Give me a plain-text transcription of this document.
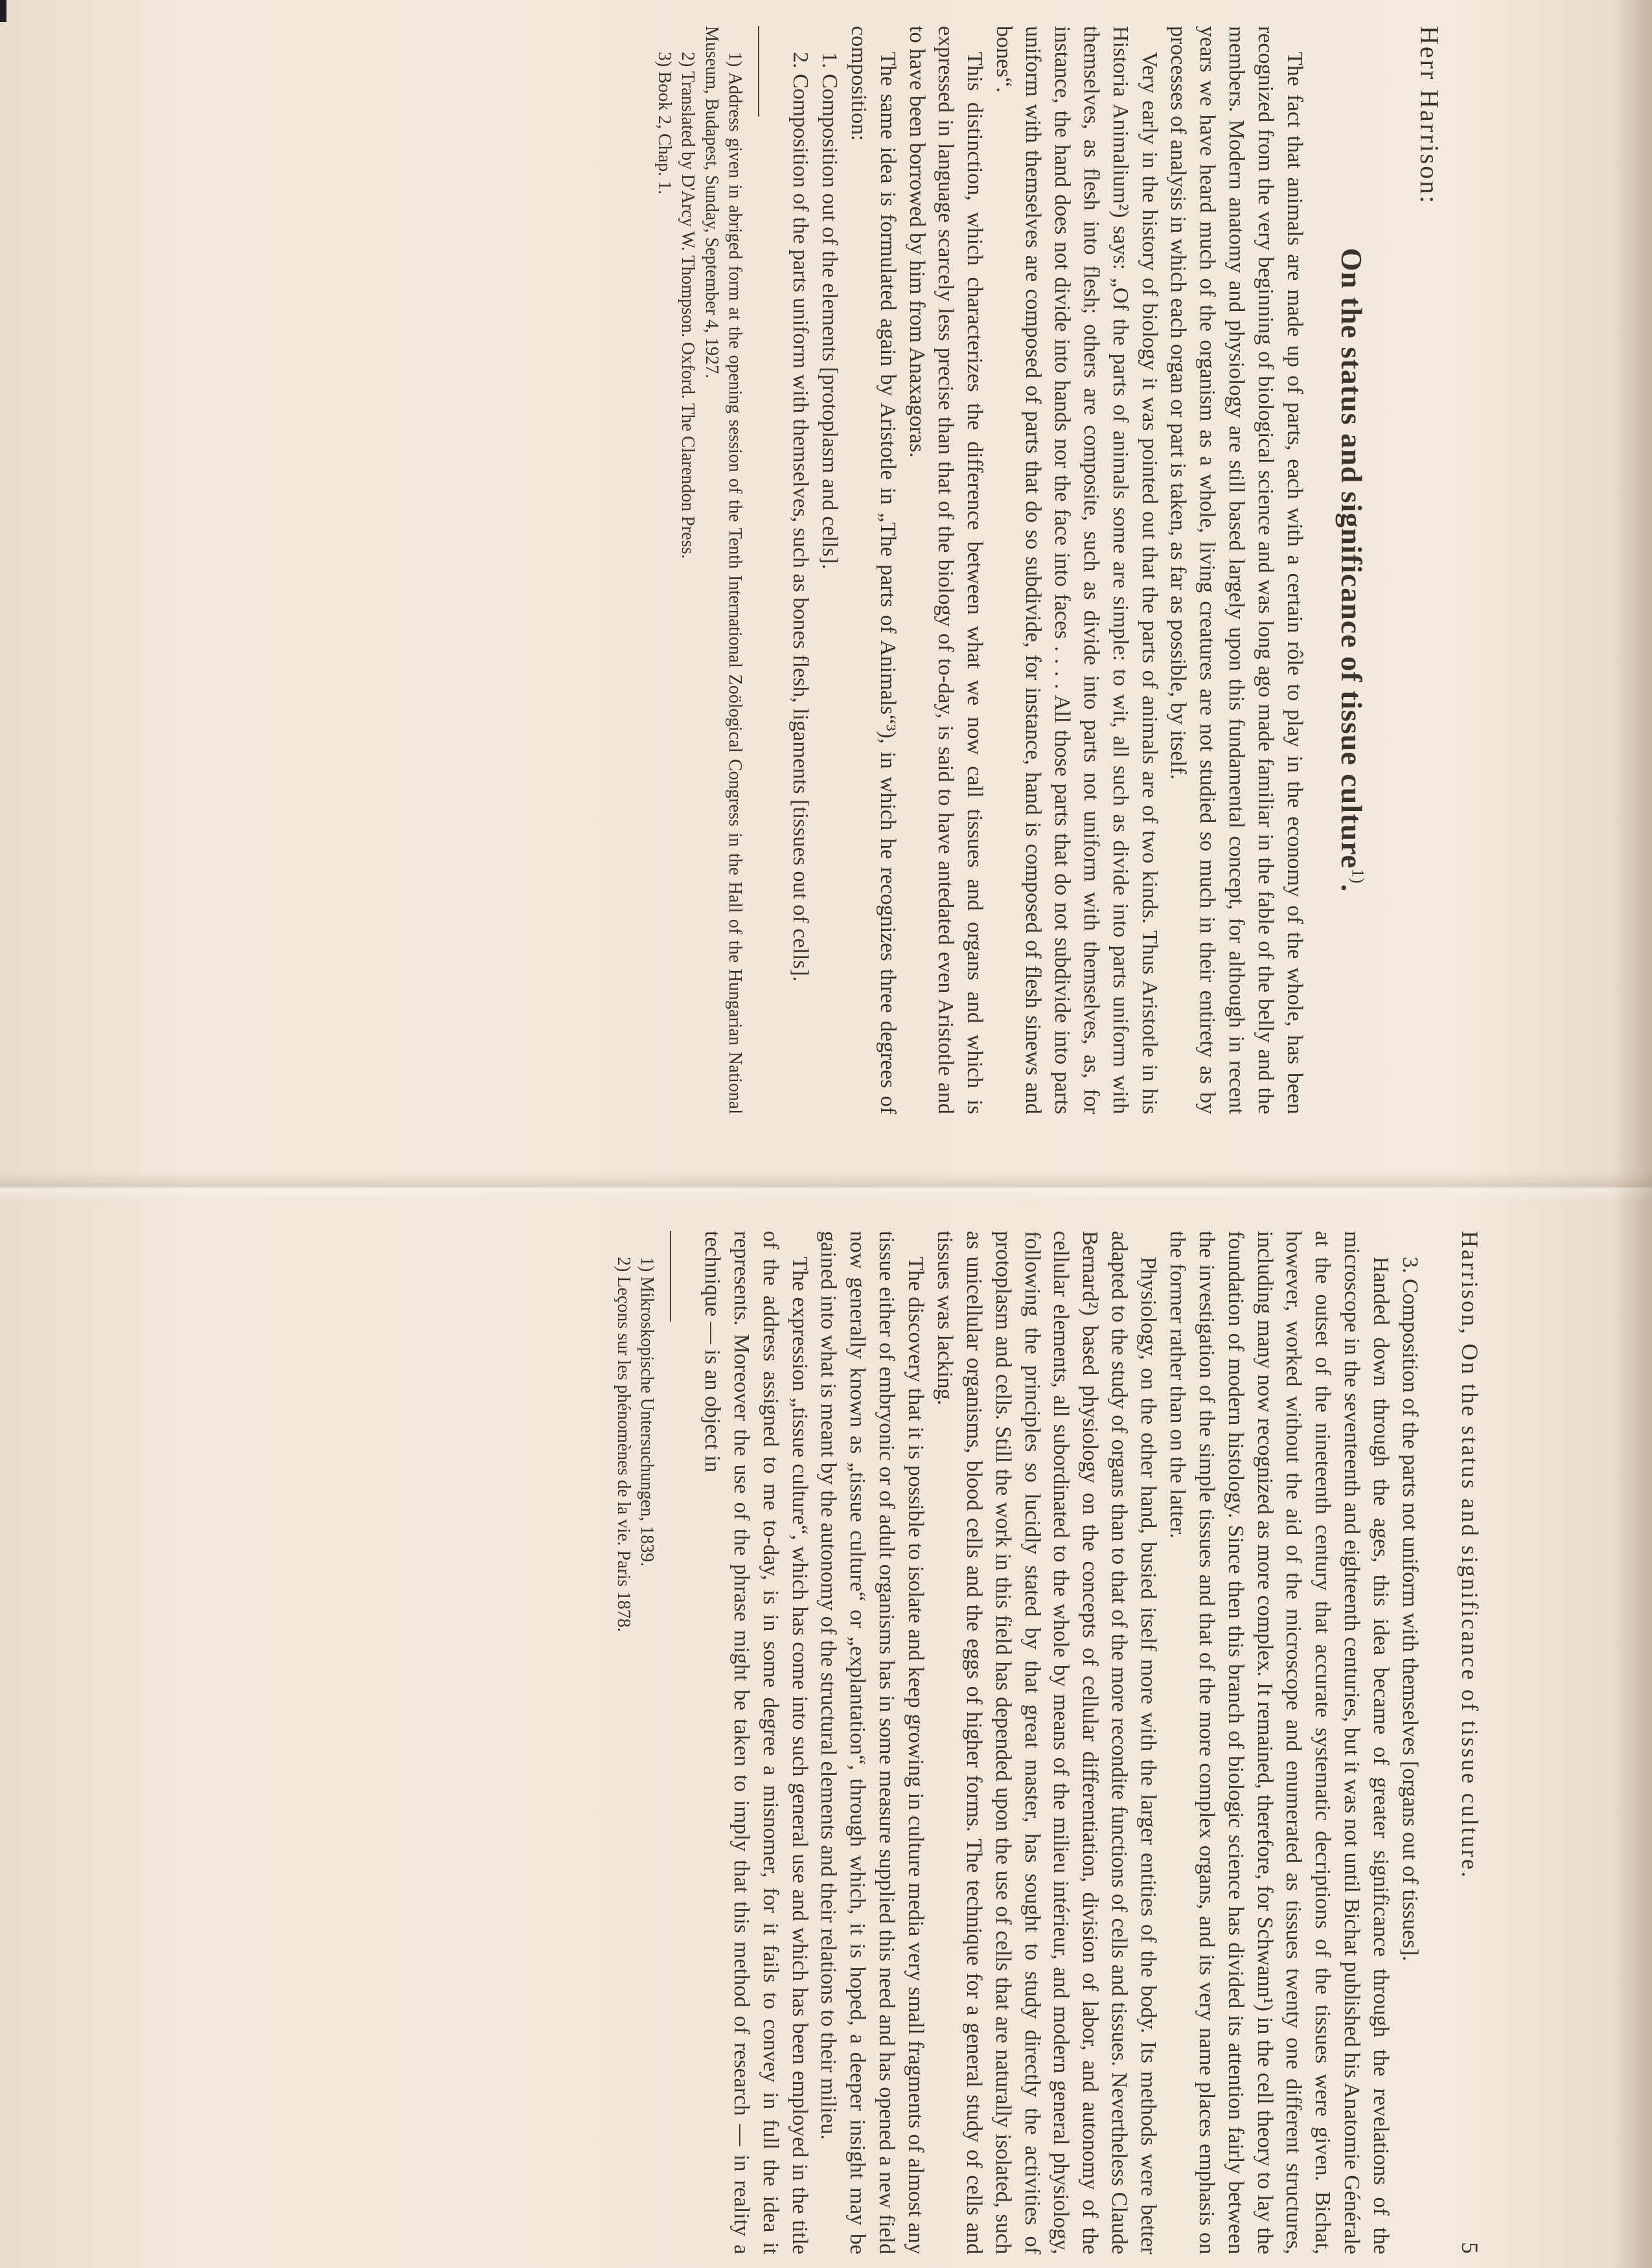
Herr Harrison:
On the status and significance of tissue culture$^{1)}$.

The fact that animals are made up of parts, each with a certain rôle to play in the economy of the whole, has been recognized from the very beginning of biological science and was long ago made familiar in the fable of the belly and the members. Modern anatomy and physiology are still based largely upon this fundamental concept, for although in recent years we have heard much of the organism as a whole, living creatures are not studied so much in their entirety as by processes of analysis in which each organ or part is taken, as far as possible, by itself.

Very early in the history of biology it was pointed out that the parts of animals are of two kinds. Thus Aristotle in his Historia Animalium²) says: „Of the parts of animals some are simple: to wit, all such as divide into parts uniform with themselves, as flesh into flesh; others are composite, such as divide into parts not uniform with themselves, as, for instance, the hand does not divide into hands nor the face into faces . . . . All those parts that do not subdivide into parts uniform with themselves are composed of parts that do so subdivide, for instance, hand is composed of flesh sinews and bones“.

This distinction, which characterizes the difference between what we now call tissues and organs and which is expressed in language scarcely less precise than that of the biology of to-day, is said to have antedated even Aristotle and to have been borrowed by him from Anaxagoras.

The same idea is formulated again by Aristotle in „The parts of Animals“³), in which he recognizes three degrees of composition:

1. Composition out of the elements [protoplasm and cells].

2. Composition of the parts uniform with themselves, such as bones flesh, ligaments [tissues out of cells].

1) Address given in abriged form at the opening session of the Tenth International Zoölogical Congress in the Hall of the Hungarian National Museum, Budapest, Sunday, September 4, 1927.

2) Translated by D'Arcy W. Thompson. Oxford. The Clarendon Press.

3) Book 2, Chap. 1.

Harrison, On the status and significance of tissue culture.
5

3. Composition of the parts not uniform with themselves [organs out of tissues].

Handed down through the ages, this idea became of greater significance through the revelations of the microscope in the seventeenth and eighteenth centuries, but it was not until Bichat published his Anatomie Générale at the outset of the nineteenth century that accurate systematic decriptions of the tissues were given. Bichat, however, worked without the aid of the microscope and enumerated as tissues twenty one different structures, including many now recognized as more complex. It remained, therefore, for Schwann¹) in the cell theory to lay the foundation of modern histology. Since then this branch of biologic science has divided its attention fairly between the investigation of the simple tissues and that of the more complex organs, and its very name places emphasis on the former rather than on the latter.

Physiology, on the other hand, busied itself more with the larger entities of the body. Its methods were better adapted to the study of organs than to that of the more recondite functions of cells and tissues. Nevertheless Claude Bernard²) based physiology on the concepts of cellular differentiation, division of labor, and autonomy of the cellular elements, all subordinated to the whole by means of the milieu intérieur, and modern general physiology, following the principles so lucidly stated by that great master, has sought to study directly the activities of protoplasm and cells. Still the work in this field has depended upon the use of cells that are naturally isolated, such as unicellular organisms, blood cells and the eggs of higher forms. The technique for a general study of cells and tissues was lacking.

The discovery that it is possible to isolate and keep growing in culture media very small fragments of almost any tissue either of embryonic or of adult organisms has in some measure supplied this need and has opened a new field now generally known as „tissue culture“ or „explantation“, through which, it is hoped, a deeper insight may be gained into what is meant by the autonomy of the structural elements and their relations to their milieu.

The expression „tissue culture“, which has come into such general use and which has been employed in the title of the address assigned to me to-day, is in some degree a misnomer, for it fails to convey in full the idea it represents. Moreover the use of the phrase might be taken to imply that this method of research — in reality a technique — is an object in

1) Mikroskopische Untersuchungen, 1839.

2) Leçons sur les phénomènes de la vie. Paris 1878.
